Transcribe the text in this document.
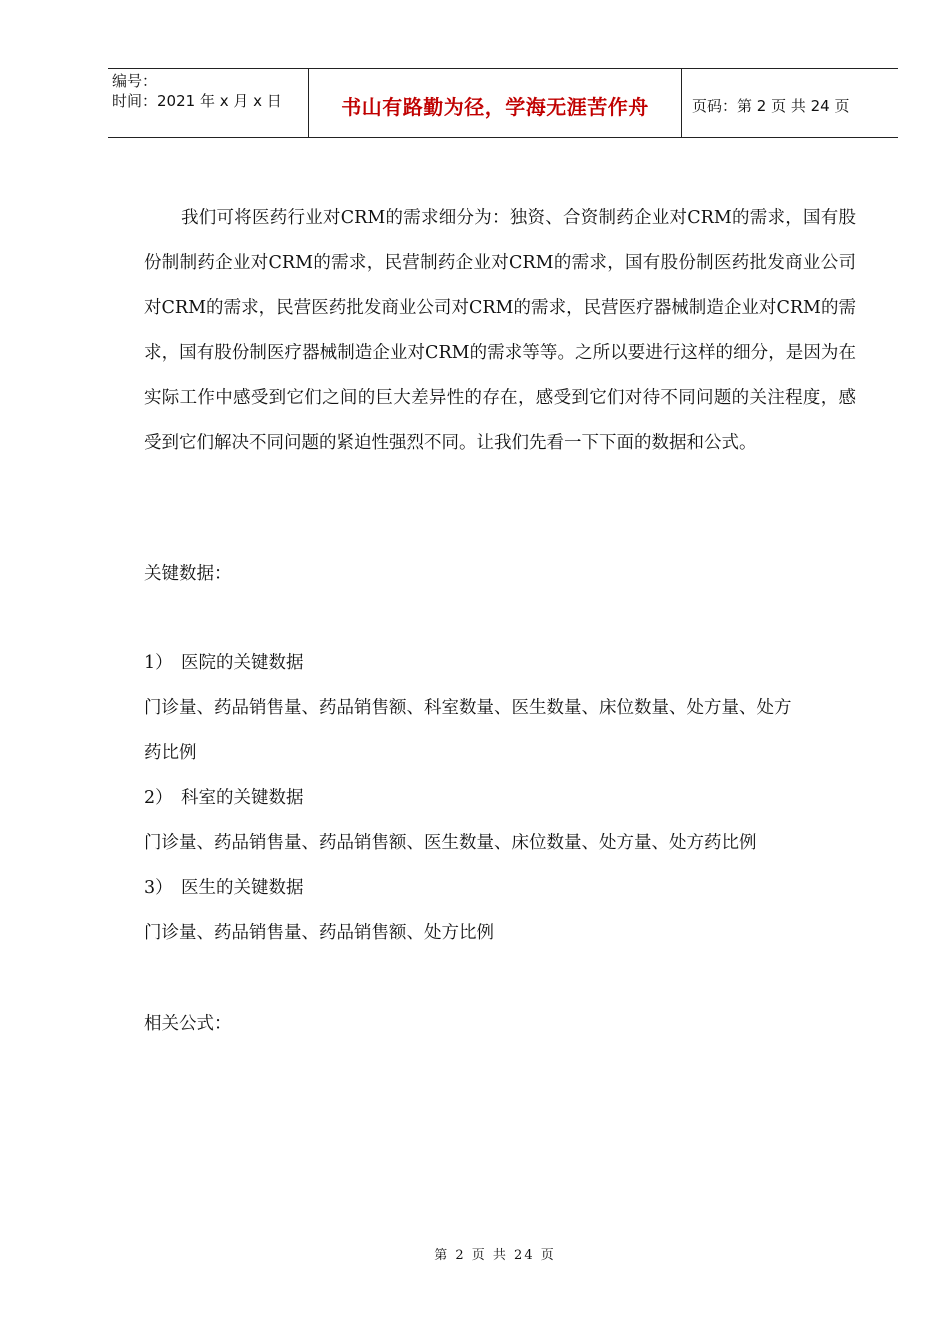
编号：
时间：2021 年 x 月 x 日	书山有路勤为径，学海无涯苦作舟	页码：第 2 页 共 24 页

我们可将医药行业对CRM的需求细分为：独资、合资制药企业对CRM的需求，国有股份制制药企业对CRM的需求，民营制药企业对CRM的需求，国有股份制医药批发商业公司对CRM的需求，民营医药批发商业公司对CRM的需求，民营医疗器械制造企业对CRM的需求，国有股份制医疗器械制造企业对CRM的需求等等。之所以要进行这样的细分，是因为在实际工作中感受到它们之间的巨大差异性的存在，感受到它们对待不同问题的关注程度，感受到它们解决不同问题的紧迫性强烈不同。让我们先看一下下面的数据和公式。

关键数据：

1） 医院的关键数据

门诊量、药品销售量、药品销售额、科室数量、医生数量、床位数量、处方量、处方

药比例

2） 科室的关键数据

门诊量、药品销售量、药品销售额、医生数量、床位数量、处方量、处方药比例

3） 医生的关键数据

门诊量、药品销售量、药品销售额、处方比例

相关公式：

第 2 页 共 24 页
